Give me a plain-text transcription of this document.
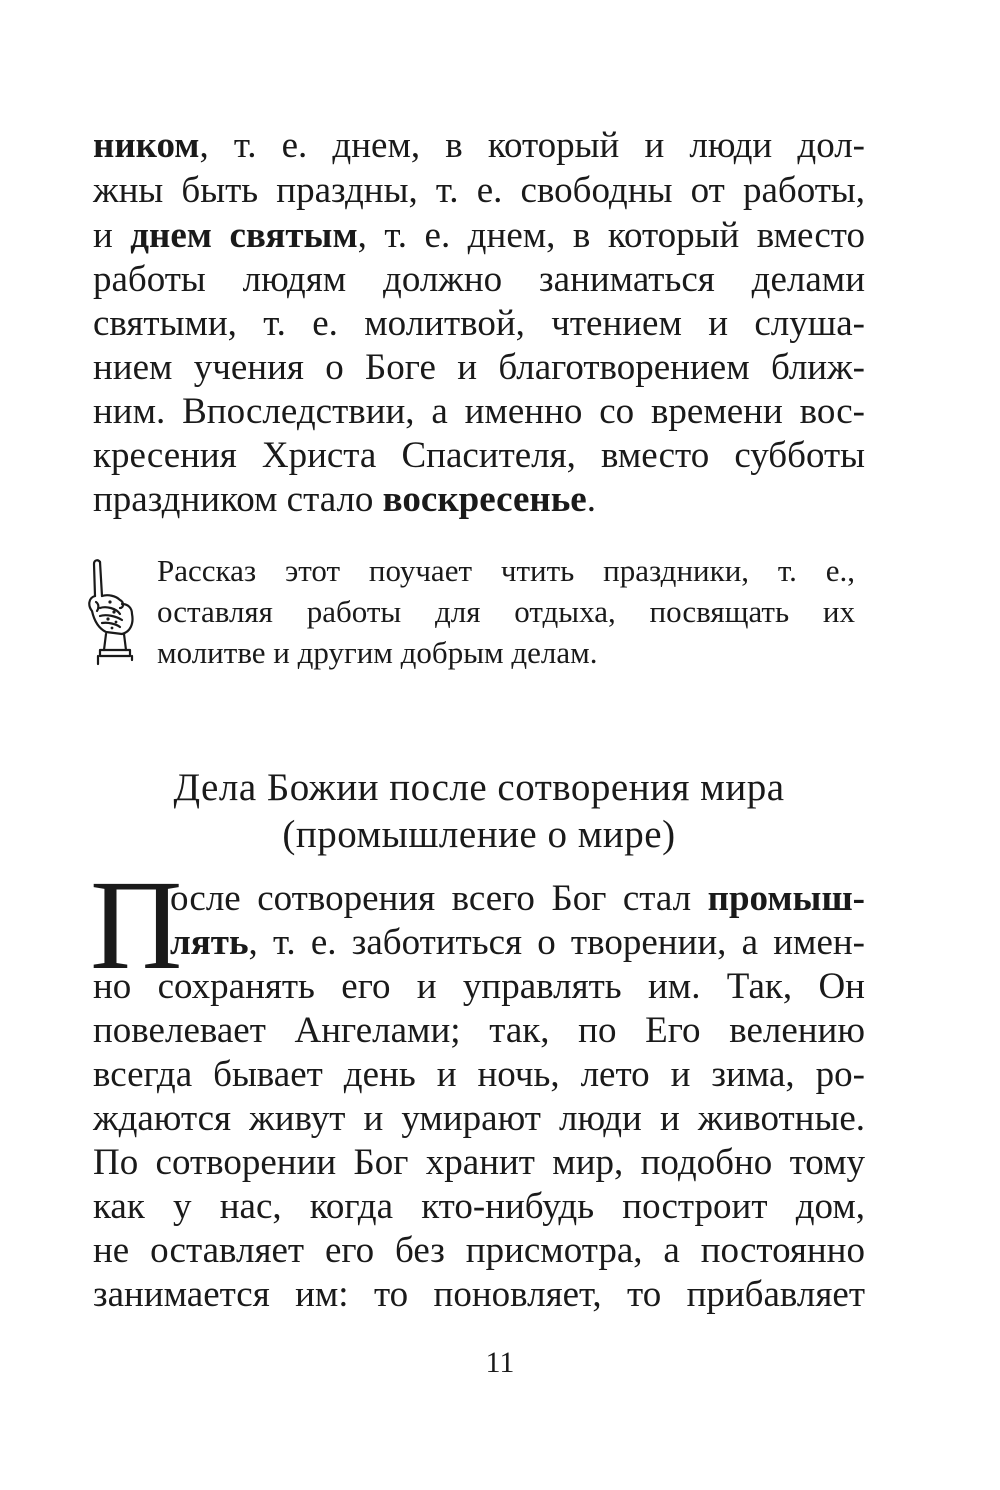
ником, т. е. днем, в который и люди дол-
жны быть праздны, т. е. свободны от работы,
и днем святым, т. е. днем, в который вместо
работы людям должно заниматься делами
святыми, т. е. молитвой, чтением и слуша-
нием учения о Боге и благотворением ближ-
ним. Впоследствии, а именно со времени вос-
кресения Христа Спасителя, вместо субботы
праздником стало воскресенье.
Рассказ этот поучает чтить праздники, т. е.,
оставляя работы для отдыха, посвящать их
молитве и другим добрым делам.
Дела Божии после сотворения мира
(промышление о мире)
П
осле сотворения всего Бог стал промыш-
лять, т. е. заботиться о творении, а имен-
но сохранять его и управлять им. Так, Он
повелевает Ангелами; так, по Его велению
всегда бывает день и ночь, лето и зима, ро-
ждаются живут и умирают люди и животные.
По сотворении Бог хранит мир, подобно тому
как у нас, когда кто-нибудь построит дом,
не оставляет его без присмотра, а постоянно
занимается им: то поновляет, то прибавляет
11
